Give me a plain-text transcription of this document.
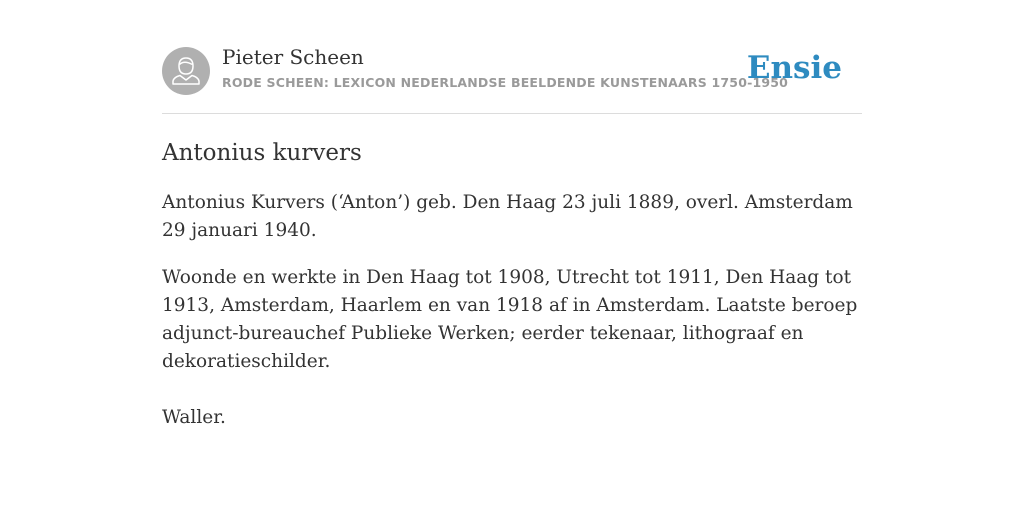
Pieter Scheen
RODE SCHEEN: LEXICON NEDERLANDSE BEELDENDE KUNSTENAARS 1750-1950
Ensie
Antonius kurvers

Antonius Kurvers (‘Anton’) geb. Den Haag 23 juli 1889, overl. Amsterdam 29 januari 1940.

Woonde en werkte in Den Haag tot 1908, Utrecht tot 1911, Den Haag tot 1913, Amsterdam, Haarlem en van 1918 af in Amsterdam. Laatste beroep adjunct-bureauchef Publieke Werken; eerder tekenaar, lithograaf en dekoratieschilder.

Waller.
